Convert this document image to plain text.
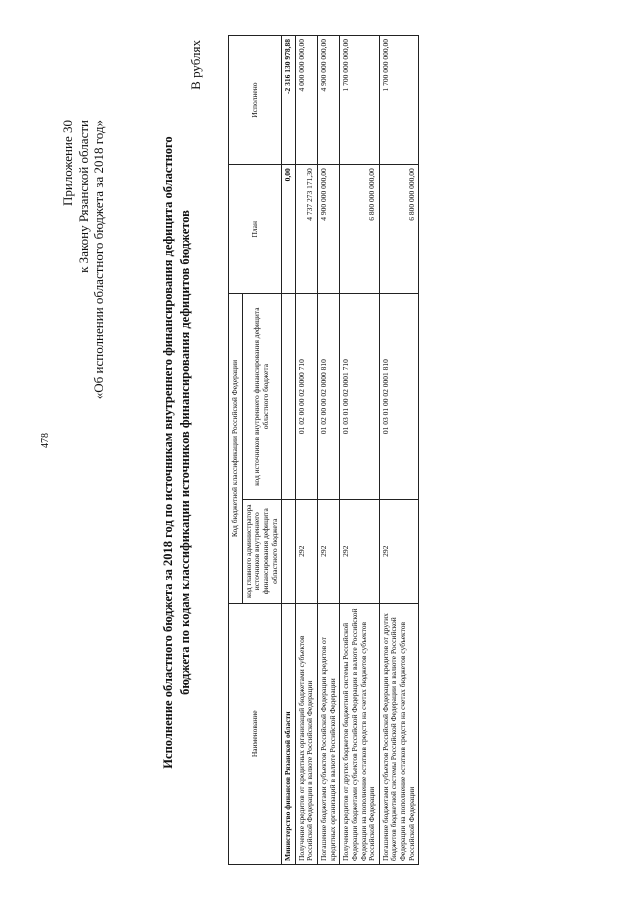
478
Приложение 30 к Закону Рязанской области «Об исполнении областного бюджета за 2018 год»	Исполнение областного бюджета за 2018 год по источникам внутреннего финансирования дефицита областного бюджета по кодам классификации источников финансирования дефицитов бюджетов
В рублях
Наименование	Код бюджетной классификации Российской Федерации		План	Исполнено
	код главного администратора источников внутреннего финансирования дефицита областного бюджета	код источников внутреннего финансирования дефицита областного бюджета		
Министерство финансов Рязанской области			0,00	-2 316 130 978,88
Получение кредитов от кредитных организаций бюджетами субъектов Российской Федерации в валюте Российской Федерации	292	01 02 00 00 02 0000 710	4 737 273 171,30	4 000 000 000,00
Погашение бюджетами субъектов Российской Федерации кредитов от кредитных организаций в валюте Российской Федерации	292	01 02 00 00 02 0000 810	4 900 000 000,00	4 900 000 000,00
Получение кредитов от других бюджетов бюджетной системы Российской Федерации бюджетами субъектов Российской Федерации в валюте Российской Федерации на пополнение остатков средств на счетах бюджетов субъектов Российской Федерации	292	01 03 01 00 02 0001 710	6 800 000 000,00	1 700 000 000,00
Погашение бюджетами субъектов Российской Федерации кредитов от других бюджетов бюджетной системы Российской Федерации в валюте Российской Федерации на пополнение остатков средств на счетах бюджетов субъектов Российской Федерации	292	01 03 01 00 02 0001 810	6 800 000 000,00	1 700 000 000,00
